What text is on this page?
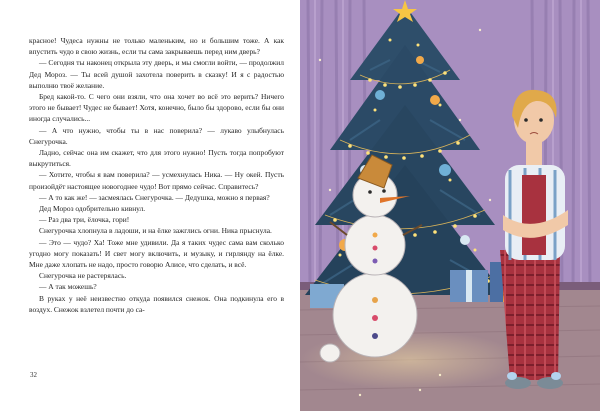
красное! Чудеса нужны не только маленьким, но и большим тоже. А как впустить чудо в свою жизнь, если ты сама закрываешь перед ним дверь?

— Сегодня ты наконец открыла эту дверь, и мы смогли войти, — продолжил Дед Мороз. — Ты всей душой захотела поверить в сказку! И я с радостью выполню твоё желание.

Бред какой-то. С чего они взяли, что она хочет во всё это верить? Ничего этого не бывает! Чудес не бывает! Хотя, конечно, было бы здорово, если бы они иногда случались...

— А что нужно, чтобы ты в нас поверила? — лукаво улыбнулась Снегурочка.

Ладно, сейчас она им скажет, что для этого нужно! Пусть тогда попробуют выкрутиться.

— Хотите, чтобы я вам поверила? — усмехнулась Ника. — Ну окей. Пусть произойдёт настоящее новогоднее чудо! Вот прямо сейчас. Справитесь?

— А то как же! — засмеялась Снегурочка. — Дедушка, можно я первая?

Дед Мороз одобрительно кивнул.

— Раз два три, ёлочка, гори!

Снегурочка хлопнула в ладоши, и на ёлке зажглись огни. Ника прыснула.

— Это — чудо? Ха! Тоже мне удивили. Да я таких чудес сама вам сколько угодно могу показать! И свет могу включить, и музыку, и гирлянду на ёлке. Мне даже хлопать не надо, просто говорю Алисе, что сделать, и всё.

Снегурочка не растерялась.

— А так можешь?

В руках у неё неизвестно откуда появился снежок. Она подкинула его в воздух. Снежок взлетел почти до са-

32
